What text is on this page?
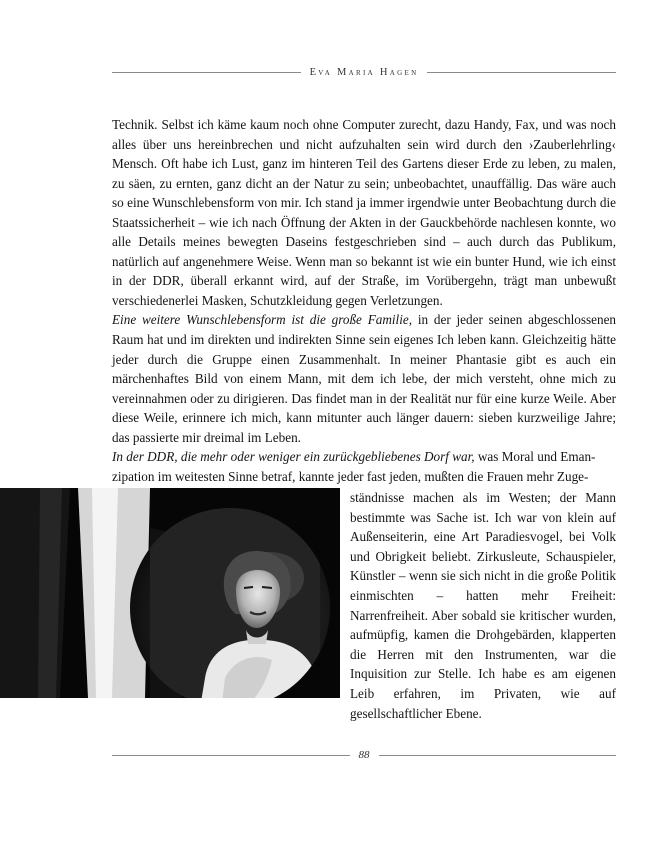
Eva Maria Hagen

Technik. Selbst ich käme kaum noch ohne Computer zurecht, dazu Handy, Fax, und was noch alles über uns hereinbrechen und nicht aufzuhalten sein wird durch den ›Zauberlehrling‹ Mensch. Oft habe ich Lust, ganz im hinteren Teil des Gartens dieser Erde zu leben, zu malen, zu säen, zu ernten, ganz dicht an der Natur zu sein; unbeobachtet, unauffällig. Das wäre auch so eine Wunschlebensform von mir. Ich stand ja immer irgendwie unter Beobachtung durch die Staatssicherheit – wie ich nach Öffnung der Akten in der Gauckbehörde nachlesen konnte, wo alle Details meines bewegten Daseins festgeschrieben sind – auch durch das Publikum, natürlich auf angenehmere Weise. Wenn man so bekannt ist wie ein bunter Hund, wie ich einst in der DDR, überall erkannt wird, auf der Straße, im Vorübergehn, trägt man unbewußt verschiedenerlei Masken, Schutzkleidung gegen Verletzungen.

Eine weitere Wunschlebensform ist die große Familie, in der jeder seinen abgeschlossenen Raum hat und im direkten und indirekten Sinne sein eigenes Ich leben kann. Gleichzeitig hätte jeder durch die Gruppe einen Zusammenhalt. In meiner Phantasie gibt es auch ein märchenhaftes Bild von einem Mann, mit dem ich lebe, der mich versteht, ohne mich zu vereinnahmen oder zu dirigieren. Das findet man in der Realität nur für eine kurze Weile. Aber diese Weile, erinnere ich mich, kann mitunter auch länger dauern: sieben kurzweilige Jahre; das passierte mir dreimal im Leben.

In der DDR, die mehr oder weniger ein zurückgebliebenes Dorf war, was Moral und Eman-
zipation im weitesten Sinne betraf, kannte jeder fast jeden, mußten die Frauen mehr Zuge-

ständnisse machen als im Westen; der Mann bestimmte was Sache ist. Ich war von klein auf Außenseiterin, eine Art Paradiesvogel, bei Volk und Obrigkeit beliebt. Zirkusleute, Schauspieler, Künstler – wenn sie sich nicht in die große Politik einmischten – hatten mehr Freiheit: Narrenfreiheit. Aber sobald sie kritischer wurden, aufmüpfig, kamen die Drohgebärden, klapperten die Herren mit den Instrumenten, war die Inquisition zur Stelle. Ich habe es am eigenen Leib erfahren, im Privaten, wie auf gesellschaftlicher Ebene.
88
